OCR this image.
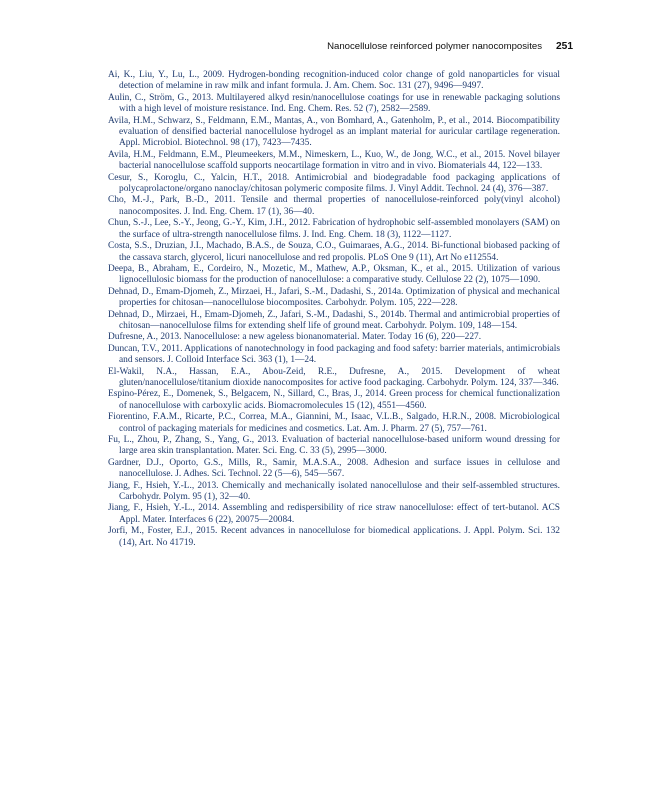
Nanocellulose reinforced polymer nanocomposites 251
Ai, K., Liu, Y., Lu, L., 2009. Hydrogen-bonding recognition-induced color change of gold nanoparticles for visual detection of melamine in raw milk and infant formula. J. Am. Chem. Soc. 131 (27), 9496—9497.
Aulin, C., Ström, G., 2013. Multilayered alkyd resin/nanocellulose coatings for use in renewable packaging solutions with a high level of moisture resistance. Ind. Eng. Chem. Res. 52 (7), 2582—2589.
Avila, H.M., Schwarz, S., Feldmann, E.M., Mantas, A., von Bomhard, A., Gatenholm, P., et al., 2014. Biocompatibility evaluation of densified bacterial nanocellulose hydrogel as an implant material for auricular cartilage regeneration. Appl. Microbiol. Biotechnol. 98 (17), 7423—7435.
Avila, H.M., Feldmann, E.M., Pleumeekers, M.M., Nimeskern, L., Kuo, W., de Jong, W.C., et al., 2015. Novel bilayer bacterial nanocellulose scaffold supports neocartilage formation in vitro and in vivo. Biomaterials 44, 122—133.
Cesur, S., Koroglu, C., Yalcin, H.T., 2018. Antimicrobial and biodegradable food packaging applications of polycaprolactone/organo nanoclay/chitosan polymeric composite films. J. Vinyl Addit. Technol. 24 (4), 376—387.
Cho, M.-J., Park, B.-D., 2011. Tensile and thermal properties of nanocellulose-reinforced poly(vinyl alcohol) nanocomposites. J. Ind. Eng. Chem. 17 (1), 36—40.
Chun, S.-J., Lee, S.-Y., Jeong, G.-Y., Kim, J.H., 2012. Fabrication of hydrophobic self-assembled monolayers (SAM) on the surface of ultra-strength nanocellulose films. J. Ind. Eng. Chem. 18 (3), 1122—1127.
Costa, S.S., Druzian, J.I., Machado, B.A.S., de Souza, C.O., Guimaraes, A.G., 2014. Bi-functional biobased packing of the cassava starch, glycerol, licuri nanocellulose and red propolis. PLoS One 9 (11), Art No e112554.
Deepa, B., Abraham, E., Cordeiro, N., Mozetic, M., Mathew, A.P., Oksman, K., et al., 2015. Utilization of various lignocellulosic biomass for the production of nanocellulose: a comparative study. Cellulose 22 (2), 1075—1090.
Dehnad, D., Emam-Djomeh, Z., Mirzaei, H., Jafari, S.-M., Dadashi, S., 2014a. Optimization of physical and mechanical properties for chitosan—nanocellulose biocomposites. Carbohydr. Polym. 105, 222—228.
Dehnad, D., Mirzaei, H., Emam-Djomeh, Z., Jafari, S.-M., Dadashi, S., 2014b. Thermal and antimicrobial properties of chitosan—nanocellulose films for extending shelf life of ground meat. Carbohydr. Polym. 109, 148—154.
Dufresne, A., 2013. Nanocellulose: a new ageless bionanomaterial. Mater. Today 16 (6), 220—227.
Duncan, T.V., 2011. Applications of nanotechnology in food packaging and food safety: barrier materials, antimicrobials and sensors. J. Colloid Interface Sci. 363 (1), 1—24.
El-Wakil, N.A., Hassan, E.A., Abou-Zeid, R.E., Dufresne, A., 2015. Development of wheat gluten/nanocellulose/titanium dioxide nanocomposites for active food packaging. Carbohydr. Polym. 124, 337—346.
Espino-Pérez, E., Domenek, S., Belgacem, N., Sillard, C., Bras, J., 2014. Green process for chemical functionalization of nanocellulose with carboxylic acids. Biomacromolecules 15 (12), 4551—4560.
Fiorentino, F.A.M., Ricarte, P.C., Correa, M.A., Giannini, M., Isaac, V.L.B., Salgado, H.R.N., 2008. Microbiological control of packaging materials for medicines and cosmetics. Lat. Am. J. Pharm. 27 (5), 757—761.
Fu, L., Zhou, P., Zhang, S., Yang, G., 2013. Evaluation of bacterial nanocellulose-based uniform wound dressing for large area skin transplantation. Mater. Sci. Eng. C. 33 (5), 2995—3000.
Gardner, D.J., Oporto, G.S., Mills, R., Samir, M.A.S.A., 2008. Adhesion and surface issues in cellulose and nanocellulose. J. Adhes. Sci. Technol. 22 (5—6), 545—567.
Jiang, F., Hsieh, Y.-L., 2013. Chemically and mechanically isolated nanocellulose and their self-assembled structures. Carbohydr. Polym. 95 (1), 32—40.
Jiang, F., Hsieh, Y.-L., 2014. Assembling and redispersibility of rice straw nanocellulose: effect of tert-butanol. ACS Appl. Mater. Interfaces 6 (22), 20075—20084.
Jorfi, M., Foster, E.J., 2015. Recent advances in nanocellulose for biomedical applications. J. Appl. Polym. Sci. 132 (14), Art. No 41719.
